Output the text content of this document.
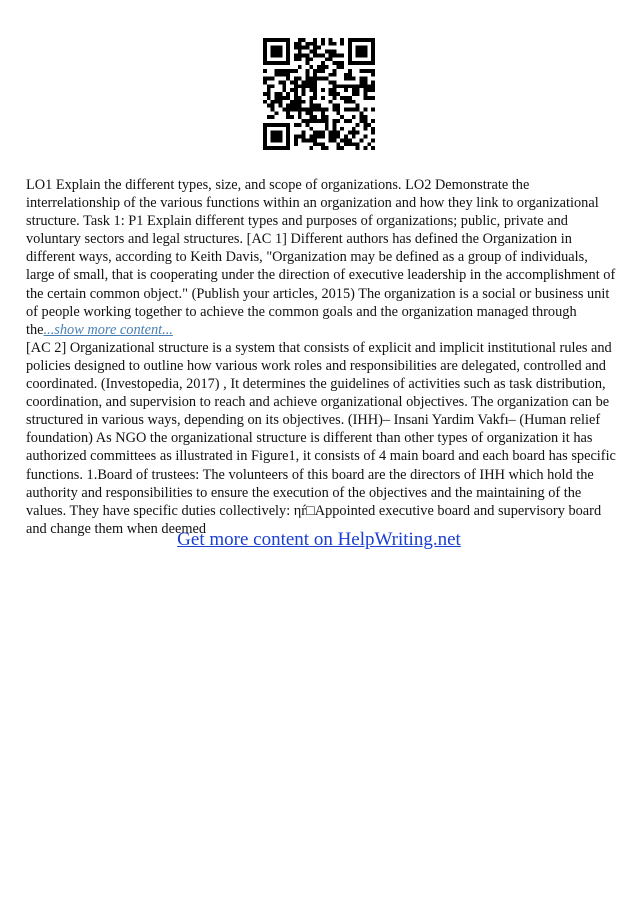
LO1 Explain the different types, size, and scope of organizations. LO2 Demonstrate the interrelationship of the various functions within an organization and how they link to organizational structure. Task 1: P1 Explain different types and purposes of organizations; public, private and voluntary sectors and legal structures. [AC 1] Different authors has defined the Organization in different ways, according to Keith Davis, "Organization may be defined as a group of individuals, large of small, that is cooperating under the direction of executive leadership in the accomplishment of the certain common object." (Publish your articles, 2015) The organization is a social or business unit of people working together to achieve the common goals and the organization managed through the...show more content...

[AC 2] Organizational structure is a system that consists of explicit and implicit institutional rules and policies designed to outline how various work roles and responsibilities are delegated, controlled and coordinated. (Investopedia, 2017) , It determines the guidelines of activities such as task distribution, coordination, and supervision to reach and achieve organizational objectives. The organization can be structured in various ways, depending on its objectives. (IHH)– Insani Yardim Vakfı– (Human relief foundation) As NGO the organizational structure is different than other types of organization it has authorized committees as illustrated in Figure1, it consists of 4 main board and each board has specific functions. 1.Board of trustees: The volunteers of this board are the directors of IHH which hold the authority and responsibilities to ensure the execution of the objectives and the maintaining of the values. They have specific duties collectively: ηŕ□Appointed executive board and supervisory board and change them when deemed

Get more content on HelpWriting.net
